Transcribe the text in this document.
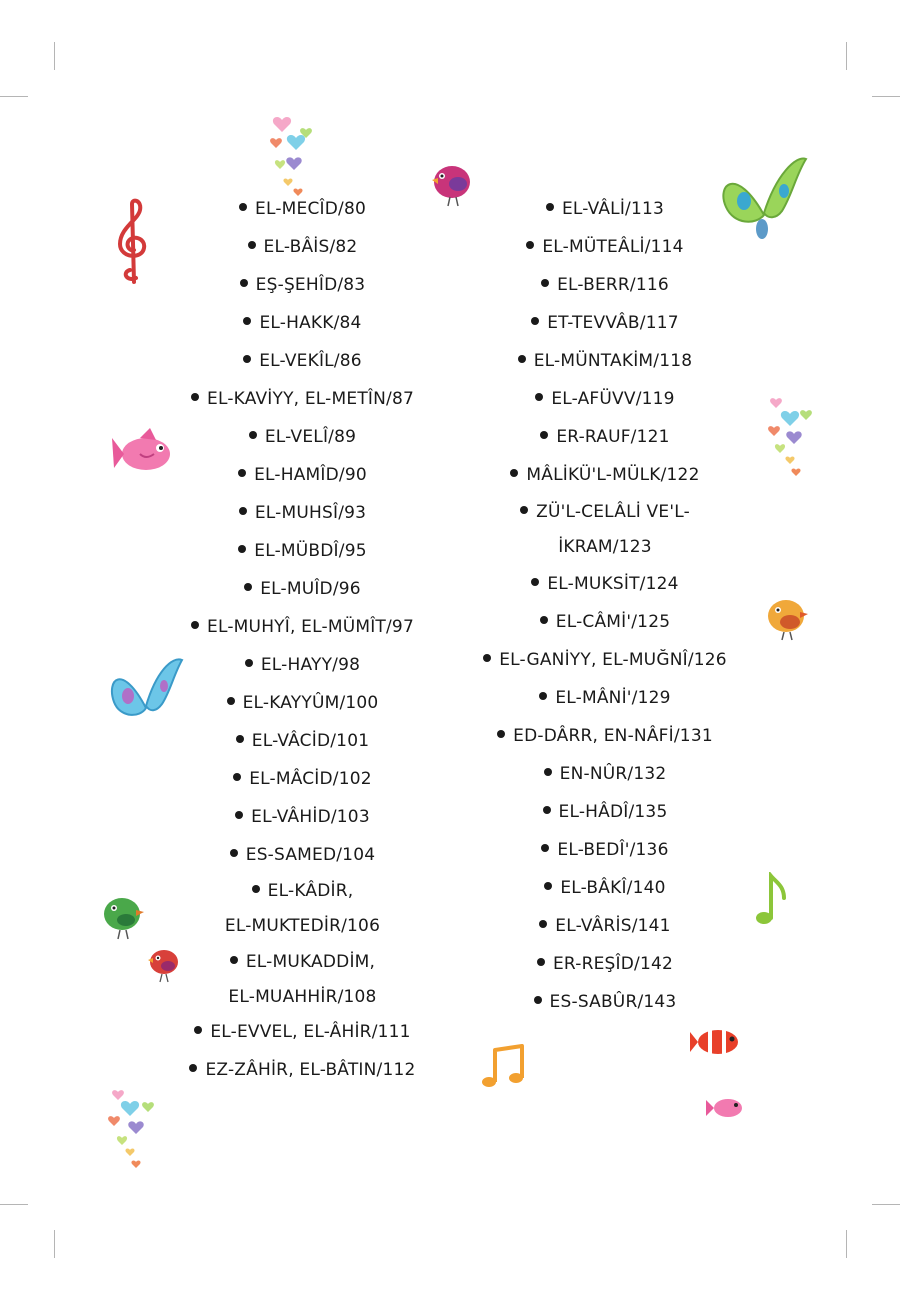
EL-MECÎD/80
EL-BÂİS/82
EŞ-ŞEHÎD/83
EL-HAKK/84
EL-VEKÎL/86
EL-KAVİYY, EL-METÎN/87
EL-VELÎ/89
EL-HAMÎD/90
EL-MUHSÎ/93
EL-MÜBDÎ/95
EL-MUÎD/96
EL-MUHYÎ, EL-MÜMÎT/97
EL-HAYY/98
EL-KAYYÛM/100
EL-VÂCİD/101
EL-MÂCİD/102
EL-VÂHİD/103
ES-SAMED/104
EL-KÂDİR,
EL-MUKTEDİR/106
EL-MUKADDİM,
EL-MUAHHİR/108
EL-EVVEL, EL-ÂHİR/111
EZ-ZÂHİR, EL-BÂTIN/112
EL-VÂLİ/113
EL-MÜTEÂLİ/114
EL-BERR/116
ET-TEVVÂB/117
EL-MÜNTAKİM/118
EL-AFÜVV/119
ER-RAUF/121
MÂLİKÜ'L-MÜLK/122
ZÜ'L-CELÂLİ VE'L-
İKRAM/123
EL-MUKSİT/124
EL-CÂMİ'/125
EL-GANİYY, EL-MUĞNÎ/126
EL-MÂNİ'/129
ED-DÂRR, EN-NÂFİ/131
EN-NÛR/132
EL-HÂDÎ/135
EL-BEDÎ'/136
EL-BÂKÎ/140
EL-VÂRİS/141
ER-REŞÎD/142
ES-SABÛR/143
